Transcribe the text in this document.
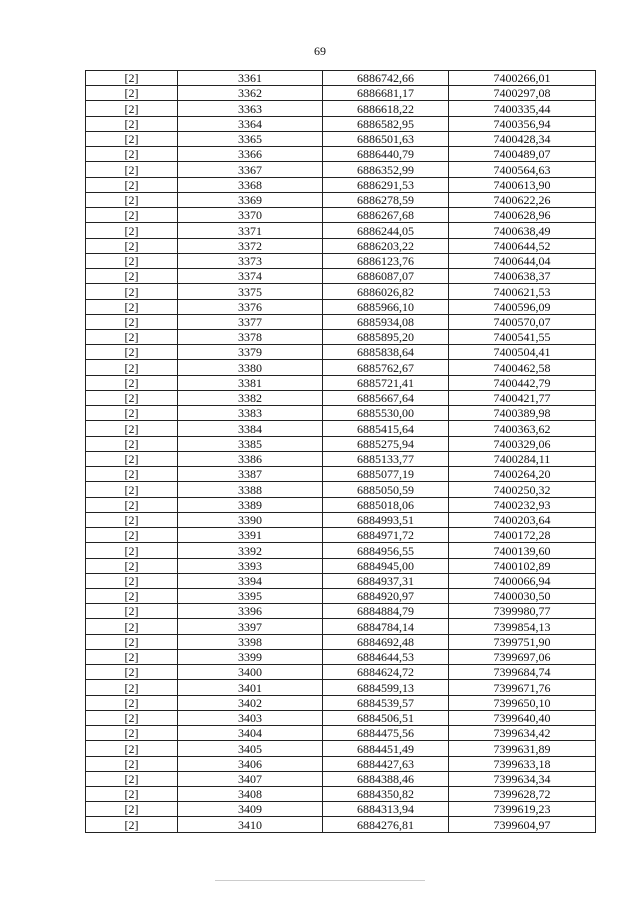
69
[2]	3361	6886742,66	7400266,01
[2]	3362	6886681,17	7400297,08
[2]	3363	6886618,22	7400335,44
[2]	3364	6886582,95	7400356,94
[2]	3365	6886501,63	7400428,34
[2]	3366	6886440,79	7400489,07
[2]	3367	6886352,99	7400564,63
[2]	3368	6886291,53	7400613,90
[2]	3369	6886278,59	7400622,26
[2]	3370	6886267,68	7400628,96
[2]	3371	6886244,05	7400638,49
[2]	3372	6886203,22	7400644,52
[2]	3373	6886123,76	7400644,04
[2]	3374	6886087,07	7400638,37
[2]	3375	6886026,82	7400621,53
[2]	3376	6885966,10	7400596,09
[2]	3377	6885934,08	7400570,07
[2]	3378	6885895,20	7400541,55
[2]	3379	6885838,64	7400504,41
[2]	3380	6885762,67	7400462,58
[2]	3381	6885721,41	7400442,79
[2]	3382	6885667,64	7400421,77
[2]	3383	6885530,00	7400389,98
[2]	3384	6885415,64	7400363,62
[2]	3385	6885275,94	7400329,06
[2]	3386	6885133,77	7400284,11
[2]	3387	6885077,19	7400264,20
[2]	3388	6885050,59	7400250,32
[2]	3389	6885018,06	7400232,93
[2]	3390	6884993,51	7400203,64
[2]	3391	6884971,72	7400172,28
[2]	3392	6884956,55	7400139,60
[2]	3393	6884945,00	7400102,89
[2]	3394	6884937,31	7400066,94
[2]	3395	6884920,97	7400030,50
[2]	3396	6884884,79	7399980,77
[2]	3397	6884784,14	7399854,13
[2]	3398	6884692,48	7399751,90
[2]	3399	6884644,53	7399697,06
[2]	3400	6884624,72	7399684,74
[2]	3401	6884599,13	7399671,76
[2]	3402	6884539,57	7399650,10
[2]	3403	6884506,51	7399640,40
[2]	3404	6884475,56	7399634,42
[2]	3405	6884451,49	7399631,89
[2]	3406	6884427,63	7399633,18
[2]	3407	6884388,46	7399634,34
[2]	3408	6884350,82	7399628,72
[2]	3409	6884313,94	7399619,23
[2]	3410	6884276,81	7399604,97
